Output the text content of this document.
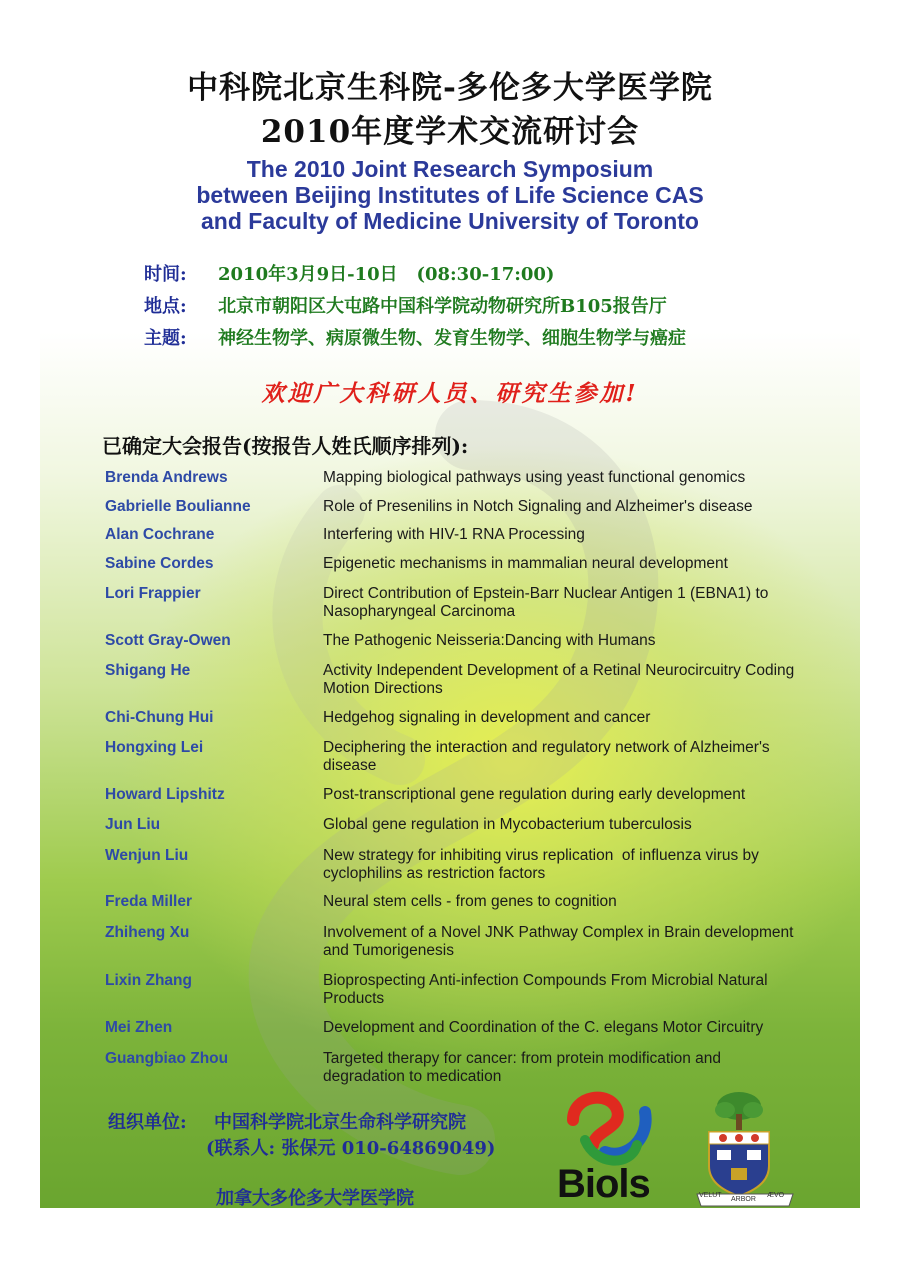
中科院北京生科院-多伦多大学医学院
2010年度学术交流研讨会
The 2010 Joint Research Symposium
between Beijing Institutes of Life Science CAS
and Faculty of Medicine University of Toronto
时间: 2010年3月9日-10日   (08:30-17:00)
地点: 北京市朝阳区大屯路中国科学院动物研究所B105报告厅
主题: 神经生物学、病原微生物、发育生物学、细胞生物学与癌症
欢迎广大科研人员、研究生参加!
已确定大会报告(按报告人姓氏顺序排列):
Brenda Andrews	Mapping biological pathways using yeast functional genomics
Gabrielle Boulianne	Role of Presenilins in Notch Signaling and Alzheimer's disease
Alan Cochrane	Interfering with HIV-1 RNA Processing
Sabine Cordes	Epigenetic mechanisms in mammalian neural development
Lori Frappier	Direct Contribution of Epstein-Barr Nuclear Antigen 1 (EBNA1) to Nasopharyngeal Carcinoma
Scott Gray-Owen	The Pathogenic Neisseria:Dancing with Humans
Shigang He	Activity Independent Development of a Retinal Neurocircuitry Coding Motion Directions
Chi-Chung Hui	Hedgehog signaling in development and cancer
Hongxing Lei	Deciphering the interaction and regulatory network of Alzheimer's disease
Howard Lipshitz	Post-transcriptional gene regulation during early development
Jun Liu	Global gene regulation in Mycobacterium tuberculosis
Wenjun Liu	New strategy for inhibiting virus replication  of influenza virus by cyclophilins as restriction factors
Freda Miller	Neural stem cells - from genes to cognition
Zhiheng Xu	Involvement of a Novel JNK Pathway Complex in Brain development and Tumorigenesis
Lixin Zhang	Bioprospecting Anti-infection Compounds From Microbial Natural Products
Mei Zhen	Development and Coordination of the C. elegans Motor Circuitry
Guangbiao Zhou	Targeted therapy for cancer: from protein modification and degradation to medication
组织单位: 中国科学院北京生命科学研究院
(联系人: 张保元 010-64869049)
加拿大多伦多大学医学院	Biols	VELUT
ARBOR
ÆVO
